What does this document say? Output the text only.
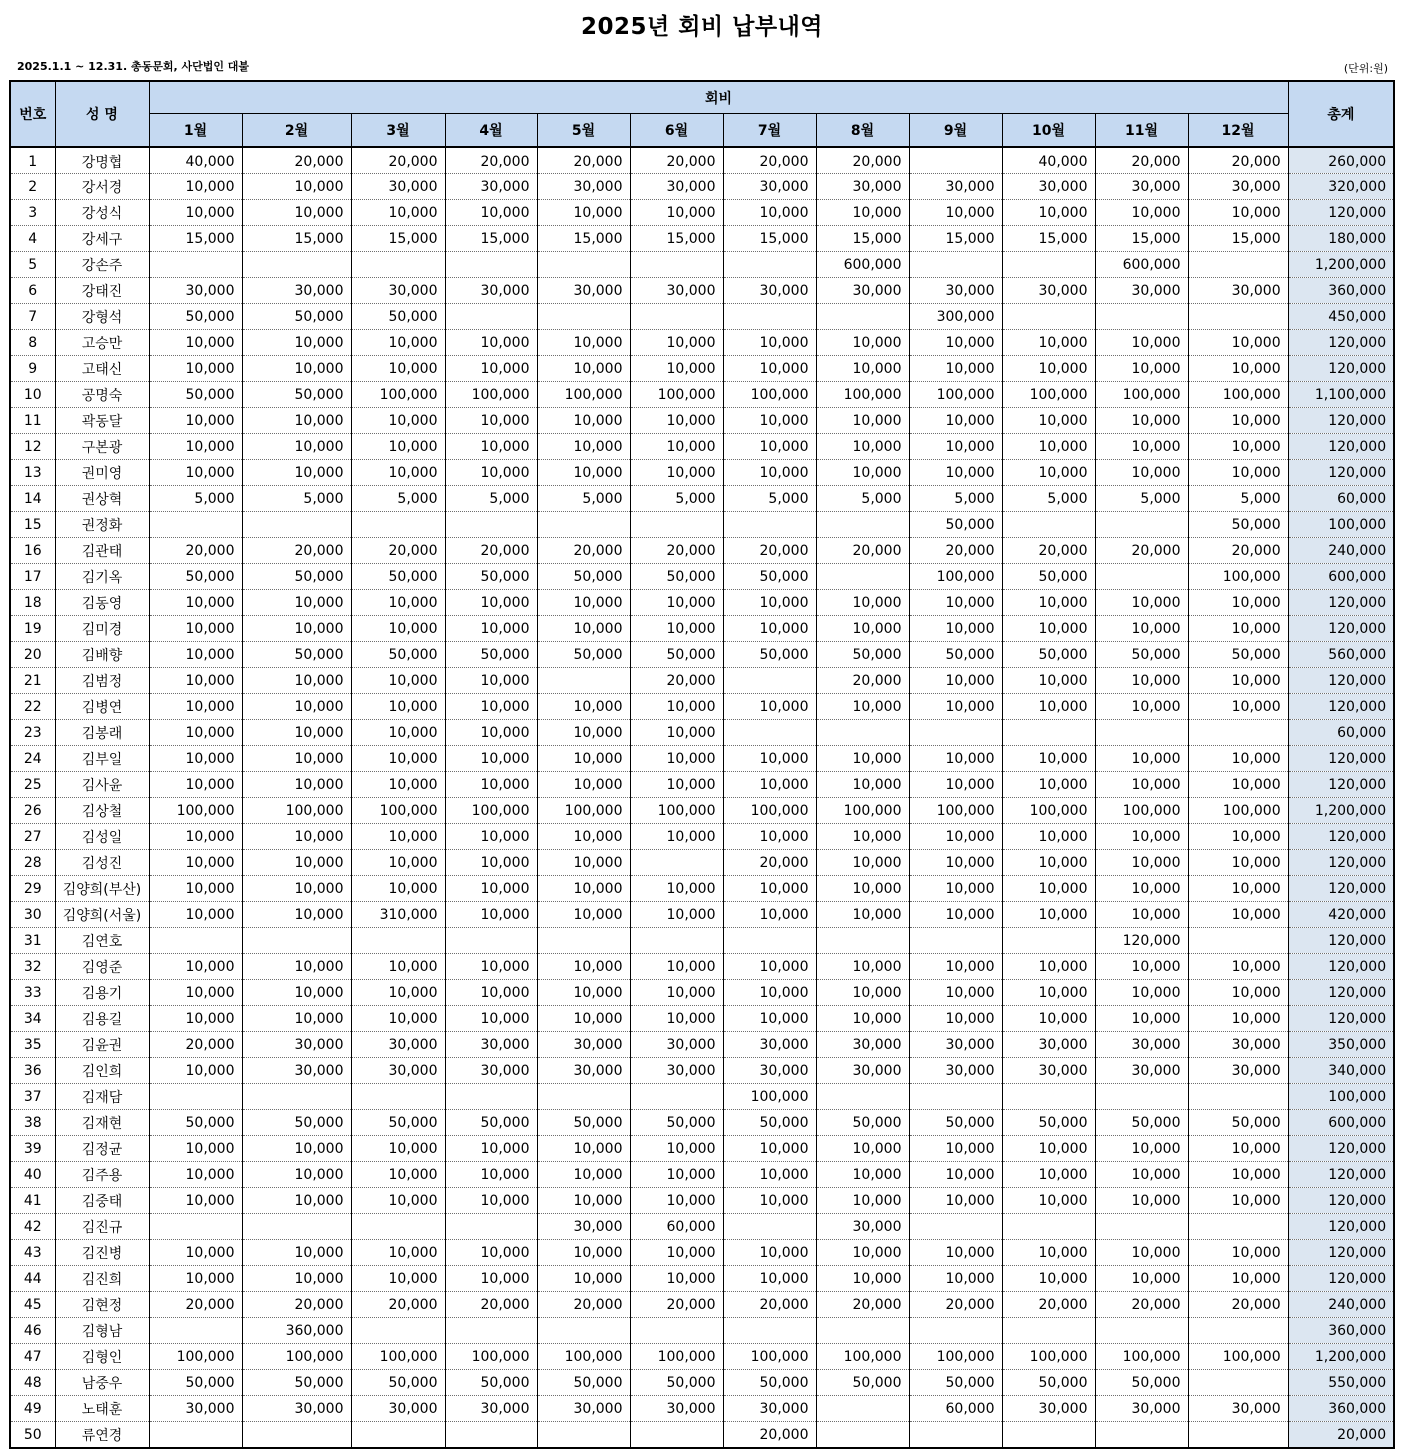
2025년 회비 납부내역
2025.1.1 ~ 12.31. 총동문회, 사단법인 대불	(단위:원)
번호	성 명	회비												총계
		1월	2월	3월	4월	5월	6월	7월	8월	9월	10월	11월	12월	
1	강명협	40,000	20,000	20,000	20,000	20,000	20,000	20,000	20,000		40,000	20,000	20,000	260,000
2	강서경	10,000	10,000	30,000	30,000	30,000	30,000	30,000	30,000	30,000	30,000	30,000	30,000	320,000
3	강성식	10,000	10,000	10,000	10,000	10,000	10,000	10,000	10,000	10,000	10,000	10,000	10,000	120,000
4	강세구	15,000	15,000	15,000	15,000	15,000	15,000	15,000	15,000	15,000	15,000	15,000	15,000	180,000
5	강손주								600,000			600,000		1,200,000
6	강태진	30,000	30,000	30,000	30,000	30,000	30,000	30,000	30,000	30,000	30,000	30,000	30,000	360,000
7	강형석	50,000	50,000	50,000						300,000				450,000
8	고승만	10,000	10,000	10,000	10,000	10,000	10,000	10,000	10,000	10,000	10,000	10,000	10,000	120,000
9	고태신	10,000	10,000	10,000	10,000	10,000	10,000	10,000	10,000	10,000	10,000	10,000	10,000	120,000
10	공명숙	50,000	50,000	100,000	100,000	100,000	100,000	100,000	100,000	100,000	100,000	100,000	100,000	1,100,000
11	곽동달	10,000	10,000	10,000	10,000	10,000	10,000	10,000	10,000	10,000	10,000	10,000	10,000	120,000
12	구본광	10,000	10,000	10,000	10,000	10,000	10,000	10,000	10,000	10,000	10,000	10,000	10,000	120,000
13	권미영	10,000	10,000	10,000	10,000	10,000	10,000	10,000	10,000	10,000	10,000	10,000	10,000	120,000
14	권상혁	5,000	5,000	5,000	5,000	5,000	5,000	5,000	5,000	5,000	5,000	5,000	5,000	60,000
15	권정화									50,000			50,000	100,000
16	김관태	20,000	20,000	20,000	20,000	20,000	20,000	20,000	20,000	20,000	20,000	20,000	20,000	240,000
17	김기옥	50,000	50,000	50,000	50,000	50,000	50,000	50,000		100,000	50,000		100,000	600,000
18	김동영	10,000	10,000	10,000	10,000	10,000	10,000	10,000	10,000	10,000	10,000	10,000	10,000	120,000
19	김미경	10,000	10,000	10,000	10,000	10,000	10,000	10,000	10,000	10,000	10,000	10,000	10,000	120,000
20	김배향	10,000	50,000	50,000	50,000	50,000	50,000	50,000	50,000	50,000	50,000	50,000	50,000	560,000
21	김범정	10,000	10,000	10,000	10,000		20,000		20,000	10,000	10,000	10,000	10,000	120,000
22	김병연	10,000	10,000	10,000	10,000	10,000	10,000	10,000	10,000	10,000	10,000	10,000	10,000	120,000
23	김봉래	10,000	10,000	10,000	10,000	10,000	10,000							60,000
24	김부일	10,000	10,000	10,000	10,000	10,000	10,000	10,000	10,000	10,000	10,000	10,000	10,000	120,000
25	김사윤	10,000	10,000	10,000	10,000	10,000	10,000	10,000	10,000	10,000	10,000	10,000	10,000	120,000
26	김상철	100,000	100,000	100,000	100,000	100,000	100,000	100,000	100,000	100,000	100,000	100,000	100,000	1,200,000
27	김성일	10,000	10,000	10,000	10,000	10,000	10,000	10,000	10,000	10,000	10,000	10,000	10,000	120,000
28	김성진	10,000	10,000	10,000	10,000	10,000		20,000	10,000	10,000	10,000	10,000	10,000	120,000
29	김양희(부산)	10,000	10,000	10,000	10,000	10,000	10,000	10,000	10,000	10,000	10,000	10,000	10,000	120,000
30	김양희(서울)	10,000	10,000	310,000	10,000	10,000	10,000	10,000	10,000	10,000	10,000	10,000	10,000	420,000
31	김연호											120,000		120,000
32	김영준	10,000	10,000	10,000	10,000	10,000	10,000	10,000	10,000	10,000	10,000	10,000	10,000	120,000
33	김용기	10,000	10,000	10,000	10,000	10,000	10,000	10,000	10,000	10,000	10,000	10,000	10,000	120,000
34	김용길	10,000	10,000	10,000	10,000	10,000	10,000	10,000	10,000	10,000	10,000	10,000	10,000	120,000
35	김윤권	20,000	30,000	30,000	30,000	30,000	30,000	30,000	30,000	30,000	30,000	30,000	30,000	350,000
36	김인희	10,000	30,000	30,000	30,000	30,000	30,000	30,000	30,000	30,000	30,000	30,000	30,000	340,000
37	김재담							100,000						100,000
38	김재현	50,000	50,000	50,000	50,000	50,000	50,000	50,000	50,000	50,000	50,000	50,000	50,000	600,000
39	김정균	10,000	10,000	10,000	10,000	10,000	10,000	10,000	10,000	10,000	10,000	10,000	10,000	120,000
40	김주용	10,000	10,000	10,000	10,000	10,000	10,000	10,000	10,000	10,000	10,000	10,000	10,000	120,000
41	김중태	10,000	10,000	10,000	10,000	10,000	10,000	10,000	10,000	10,000	10,000	10,000	10,000	120,000
42	김진규					30,000	60,000		30,000					120,000
43	김진병	10,000	10,000	10,000	10,000	10,000	10,000	10,000	10,000	10,000	10,000	10,000	10,000	120,000
44	김진희	10,000	10,000	10,000	10,000	10,000	10,000	10,000	10,000	10,000	10,000	10,000	10,000	120,000
45	김현정	20,000	20,000	20,000	20,000	20,000	20,000	20,000	20,000	20,000	20,000	20,000	20,000	240,000
46	김형남		360,000											360,000
47	김형인	100,000	100,000	100,000	100,000	100,000	100,000	100,000	100,000	100,000	100,000	100,000	100,000	1,200,000
48	남중우	50,000	50,000	50,000	50,000	50,000	50,000	50,000	50,000	50,000	50,000	50,000		550,000
49	노태훈	30,000	30,000	30,000	30,000	30,000	30,000	30,000		60,000	30,000	30,000	30,000	360,000
50	류연경							20,000						20,000
